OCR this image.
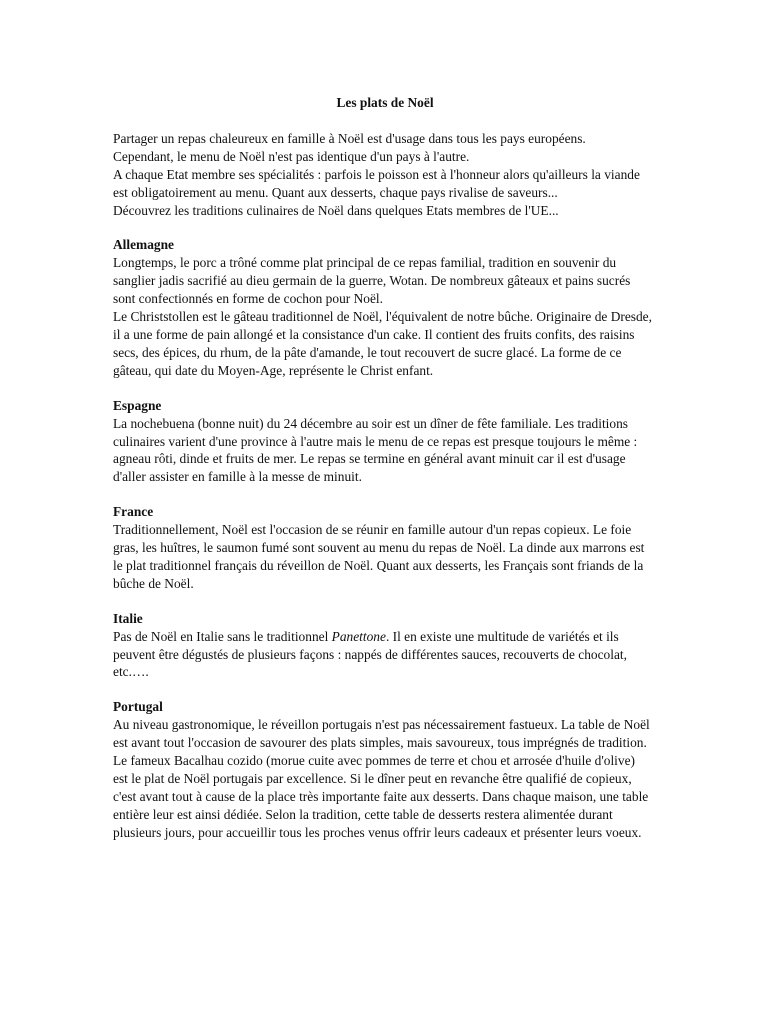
Les plats de Noël

Partager un repas chaleureux en famille à Noël est d'usage dans tous les pays européens.

Cependant, le menu de Noël n'est pas identique d'un pays à l'autre.

A chaque Etat membre ses spécialités : parfois le poisson est à l'honneur alors qu'ailleurs la viande est obligatoirement au menu. Quant aux desserts, chaque pays rivalise de saveurs...

Découvrez les traditions culinaires de Noël dans quelques Etats membres de l'UE...

Allemagne

Longtemps, le porc a trôné comme plat principal de ce repas familial, tradition en souvenir du sanglier jadis sacrifié au dieu germain de la guerre, Wotan. De nombreux gâteaux et pains sucrés sont confectionnés en forme de cochon pour Noël.

Le Christstollen est le gâteau traditionnel de Noël, l'équivalent de notre bûche. Originaire de Dresde, il a une forme de pain allongé et la consistance d'un cake. Il contient des fruits confits, des raisins secs, des épices, du rhum, de la pâte d'amande, le tout recouvert de sucre glacé. La forme de ce gâteau, qui date du Moyen-Age, représente le Christ enfant.

Espagne

La nochebuena (bonne nuit) du 24 décembre au soir est un dîner de fête familiale. Les traditions culinaires varient d'une province à l'autre mais le menu de ce repas est presque toujours le même : agneau rôti, dinde et fruits de mer. Le repas se termine en général avant minuit car il est d'usage d'aller assister en famille à la messe de minuit.

France

Traditionnellement, Noël est l'occasion de se réunir en famille autour d'un repas copieux. Le foie gras, les huîtres, le saumon fumé sont souvent au menu du repas de Noël. La dinde aux marrons est le plat traditionnel français du réveillon de Noël. Quant aux desserts, les Français sont friands de la bûche de Noël.

Italie

Pas de Noël en Italie sans le traditionnel Panettone. Il en existe une multitude de variétés et ils peuvent être dégustés de plusieurs façons : nappés de différentes sauces, recouverts de chocolat, etc.….

Portugal

Au niveau gastronomique, le réveillon portugais n'est pas nécessairement fastueux. La table de Noël est avant tout l'occasion de savourer des plats simples, mais savoureux, tous imprégnés de tradition. Le fameux Bacalhau cozido (morue cuite avec pommes de terre et chou et arrosée d'huile d'olive) est le plat de Noël portugais par excellence. Si le dîner peut en revanche être qualifié de copieux, c'est avant tout à cause de la place très importante faite aux desserts. Dans chaque maison, une table entière leur est ainsi dédiée. Selon la tradition, cette table de desserts restera alimentée durant plusieurs jours, pour accueillir tous les proches venus offrir leurs cadeaux et présenter leurs voeux.
